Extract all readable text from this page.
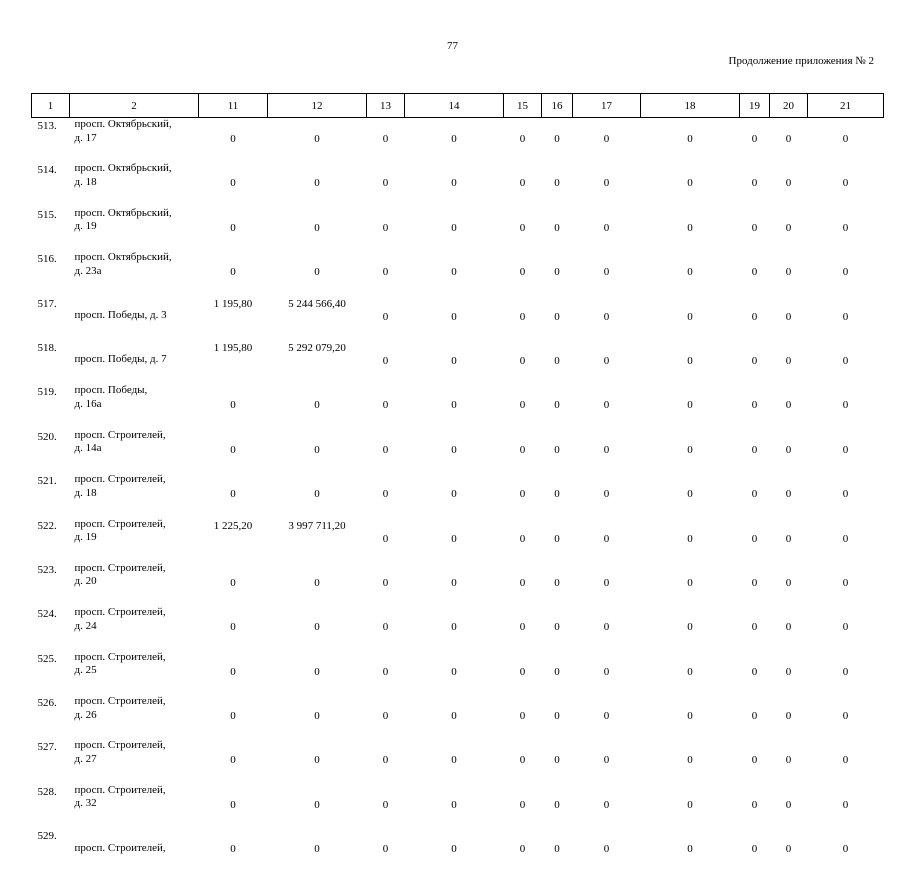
77
Продолжение приложения № 2
1	2	11	12	13	14	15	16	17	18	19	20	21
513.	просп. Октябрьский,
д. 17	0	0	0	0	0	0	0	0	0	0	0
514.	просп. Октябрьский,
д. 18	0	0	0	0	0	0	0	0	0	0	0
515.	просп. Октябрьский,
д. 19	0	0	0	0	0	0	0	0	0	0	0
516.	просп. Октябрьский,
д. 23а	0	0	0	0	0	0	0	0	0	0	0
517.	просп. Победы, д. 3	1 195,80	5 244 566,40	0	0	0	0	0	0	0	0	0
518.	просп. Победы, д. 7	1 195,80	5 292 079,20	0	0	0	0	0	0	0	0	0
519.	просп. Победы,
д. 16а	0	0	0	0	0	0	0	0	0	0	0
520.	просп. Строителей,
д. 14а	0	0	0	0	0	0	0	0	0	0	0
521.	просп. Строителей,
д. 18	0	0	0	0	0	0	0	0	0	0	0
522.	просп. Строителей,
д. 19	1 225,20	3 997 711,20	0	0	0	0	0	0	0	0	0
523.	просп. Строителей,
д. 20	0	0	0	0	0	0	0	0	0	0	0
524.	просп. Строителей,
д. 24	0	0	0	0	0	0	0	0	0	0	0
525.	просп. Строителей,
д. 25	0	0	0	0	0	0	0	0	0	0	0
526.	просп. Строителей,
д. 26	0	0	0	0	0	0	0	0	0	0	0
527.	просп. Строителей,
д. 27	0	0	0	0	0	0	0	0	0	0	0
528.	просп. Строителей,
д. 32	0	0	0	0	0	0	0	0	0	0	0
529.	просп. Строителей,	0	0	0	0	0	0	0	0	0	0	0
